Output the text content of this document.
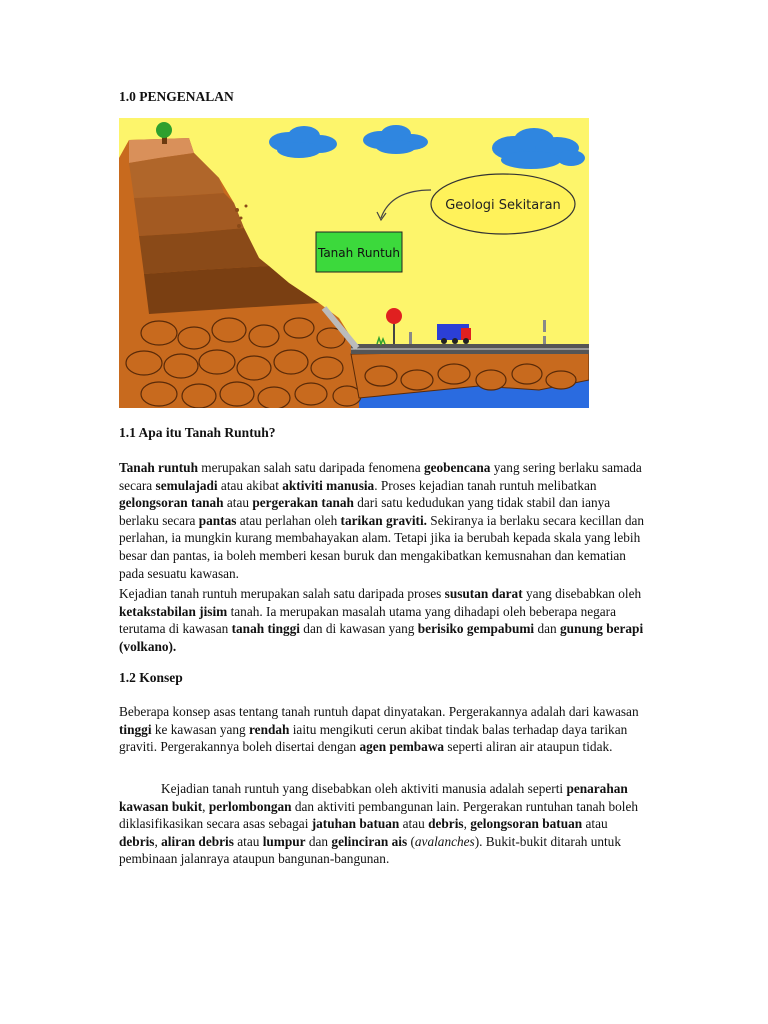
1.0 PENGENALAN
Geologi Sekitaran
Tanah Runtuh
1.1 Apa itu Tanah Runtuh?

Tanah runtuh merupakan salah satu daripada fenomena geobencana yang sering berlaku samada secara semulajadi atau akibat aktiviti manusia. Proses kejadian tanah runtuh melibatkan gelongsoran tanah atau pergerakan tanah dari satu kedudukan yang tidak stabil dan ianya berlaku secara pantas atau perlahan oleh tarikan graviti. Sekiranya ia berlaku secara kecillan dan perlahan, ia mungkin kurang membahayakan alam. Tetapi jika ia berubah kepada skala yang lebih besar dan pantas, ia boleh memberi kesan buruk dan mengakibatkan kemusnahan dan kematian pada sesuatu kawasan.

Kejadian tanah runtuh merupakan salah satu daripada proses susutan darat yang disebabkan oleh ketakstabilan jisim tanah. Ia merupakan masalah utama yang dihadapi oleh beberapa negara terutama di kawasan tanah tinggi dan di kawasan yang berisiko gempabumi dan gunung berapi (volkano).

1.2 Konsep

Beberapa konsep asas tentang tanah runtuh dapat dinyatakan. Pergerakannya adalah dari kawasan tinggi ke kawasan yang rendah iaitu mengikuti cerun akibat tindak balas terhadap daya tarikan graviti. Pergerakannya boleh disertai dengan agen pembawa seperti aliran air ataupun tidak.

Kejadian tanah runtuh yang disebabkan oleh aktiviti manusia adalah seperti penarahan kawasan bukit, perlombongan dan aktiviti pembangunan lain. Pergerakan runtuhan tanah boleh diklasifikasikan secara asas sebagai jatuhan batuan atau debris, gelongsoran batuan atau debris, aliran debris atau lumpur dan gelinciran ais (avalanches). Bukit-bukit ditarah untuk pembinaan jalanraya ataupun bangunan-bangunan.
